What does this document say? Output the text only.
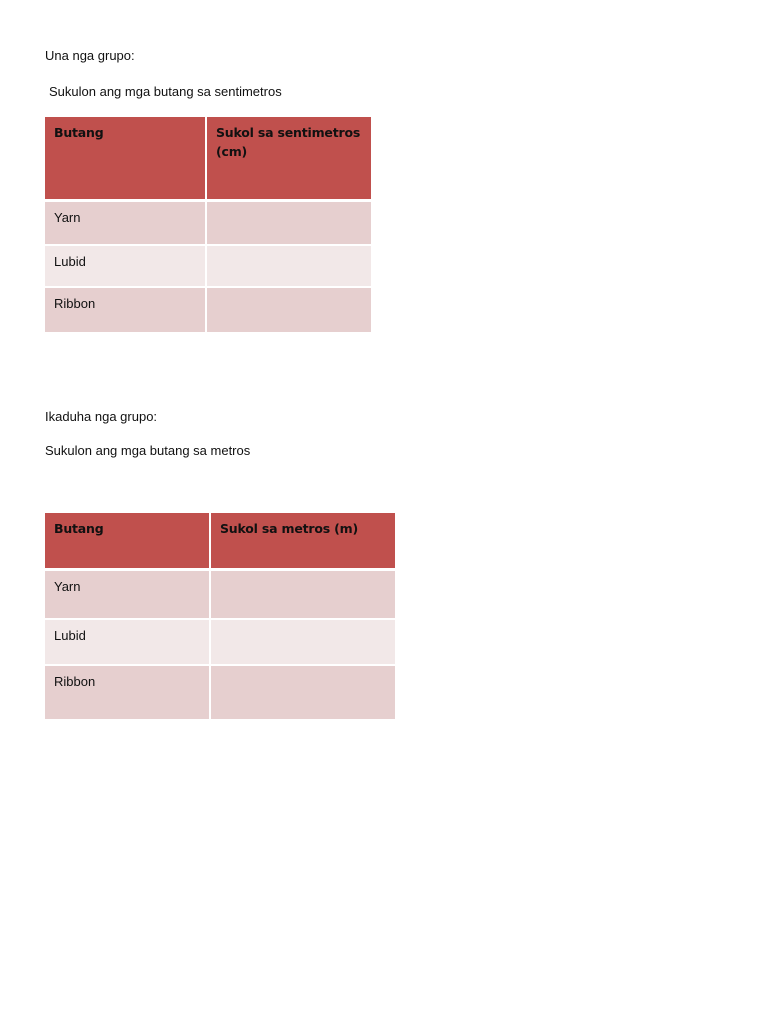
Una nga grupo:

Sukulon ang mga butang sa sentimetros

Butang	Sukol sa sentimetros (cm)
Yarn	
Lubid	
Ribbon	

Ikaduha nga grupo:

Sukulon ang mga butang sa metros

Butang	Sukol sa metros (m)
Yarn	
Lubid	
Ribbon	
